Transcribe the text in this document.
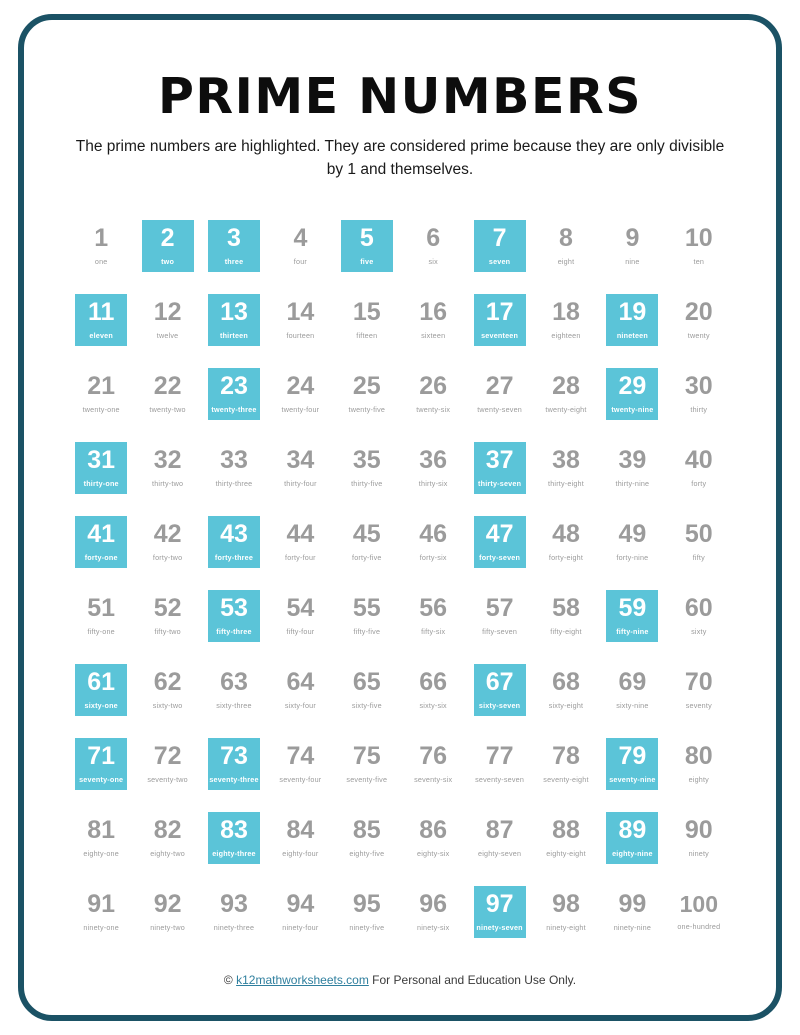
PRIME NUMBERS

The prime numbers are highlighted. They are considered prime because they are only divisible by 1 and themselves.

1
one
2
two
3
three
4
four
5
five
6
six
7
seven
8
eight
9
nine
10
ten
11
eleven
12
twelve
13
thirteen
14
fourteen
15
fifteen
16
sixteen
17
seventeen
18
eighteen
19
nineteen
20
twenty
21
twenty-one
22
twenty-two
23
twenty-three
24
twenty-four
25
twenty-five
26
twenty-six
27
twenty-seven
28
twenty-eight
29
twenty-nine
30
thirty
31
thirty-one
32
thirty-two
33
thirty-three
34
thirty-four
35
thirty-five
36
thirty-six
37
thirty-seven
38
thirty-eight
39
thirty-nine
40
forty
41
forty-one
42
forty-two
43
forty-three
44
forty-four
45
forty-five
46
forty-six
47
forty-seven
48
forty-eight
49
forty-nine
50
fifty
51
fifty-one
52
fifty-two
53
fifty-three
54
fifty-four
55
fifty-five
56
fifty-six
57
fifty-seven
58
fifty-eight
59
fifty-nine
60
sixty
61
sixty-one
62
sixty-two
63
sixty-three
64
sixty-four
65
sixty-five
66
sixty-six
67
sixty-seven
68
sixty-eight
69
sixty-nine
70
seventy
71
seventy-one
72
seventy-two
73
seventy-three
74
seventy-four
75
seventy-five
76
seventy-six
77
seventy-seven
78
seventy-eight
79
seventy-nine
80
eighty
81
eighty-one
82
eighty-two
83
eighty-three
84
eighty-four
85
eighty-five
86
eighty-six
87
eighty-seven
88
eighty-eight
89
eighty-nine
90
ninety
91
ninety-one
92
ninety-two
93
ninety-three
94
ninety-four
95
ninety-five
96
ninety-six
97
ninety-seven
98
ninety-eight
99
ninety-nine
100
one-hundred
© k12mathworksheets.com For Personal and Education Use Only.
